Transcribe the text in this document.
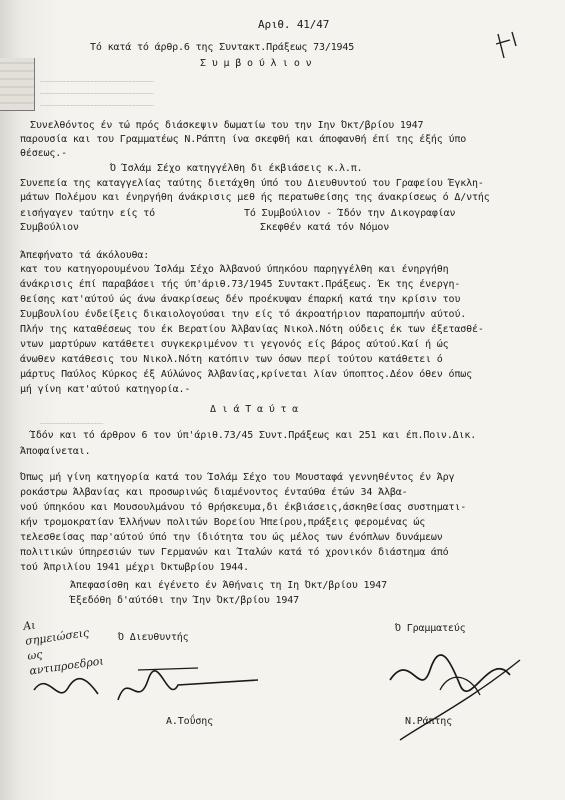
Αριθ. 41/47
Τό κατά τό άρθρ.6 της Συντακτ.Πράξεως 73/1945
Σ υ μ β ο ύ λ ι ο ν
………………………………………………………………………
………………………………………………………………………
………………………………………………………………………
Συνελθόντος έν τώ πρός διάσκεψιν δωματίω του την Ιην Όκτ/βρίου 1947
παρουσία και του Γραμματέως Ν.Ράπτη ίνα σκεφθή και άποφανθή έπί της έξής ύπο
θέσεως.-
Ό Ίσλάμ Σέχο κατηγγέλθη δι έκβιάσεις κ.λ.π.
Συνεπεία της καταγγελίας ταύτης διετάχθη ύπό του Διευθυντού του Γραφείου Έγκλη-
μάτων Πολέμου και ένηργήθη άνάκρισις μεθ ής περατωθείσης της άνακρίσεως ό Δ/ντής
εισήγαγεν ταύτην είς τό	Τό Συμβούλιον - Ίδόν την Δικογραφίαν
Συμβούλιον	Σκεφθέν κατά τόν Νόμον
Άπεφήνατο τά άκόλουθα:
κατ του κατηγορουμένου Ίσλάμ Σέχο Άλβανού ύπηκόου παρηγγέλθη και ένηργήθη
άνάκρισις έπί παραβάσει τής ύπ'άριθ.73/1945 Συντακτ.Πράξεως. Έκ της ένεργη-
θείσης κατ'αύτού ώς άνω άνακρίσεως δέν προέκυψαν έπαρκή κατά την κρίσιν του
Συμβουλίου ένδείξεις δικαιολογούσαι την είς τό άκροατήριον παραπομπήν αύτού.
Πλήν της καταθέσεως του έκ Βερατίου Άλβανίας Νικολ.Νότη ούδεις έκ των έξετασθέ-
ντων μαρτύρων κατάθετει συγκεκριμένον τι γεγονός είς βάρος αύτού.Καί ή ώς
άνωθεν κατάθεσις του Νικολ.Νότη κατόπιν των όσων περί τούτου κατάθετει ό
μάρτυς Παύλος Κύρκος έξ Αύλώνος Άλβανίας,κρίνεται λίαν ύποπτος.Δέον όθεν όπως
μή γίνη κατ'αύτού κατηγορία.-
Δ ι ά Τ α ύ τ α
………………………………………
Ίδόν και τό άρθρον 6 τον ύπ'άριθ.73/45 Συντ.Πράξεως και 251 και έπ.Ποιν.Δικ.
Άποφαίνεται.
Όπως μή γίνη κατηγορία κατά του Ίσλάμ Σέχο του Μουσταφά γεννηθέντος έν Άργ
ροκάστρω Άλβανίας και προσωρινώς διαμένοντος ένταύθα έτών 34 Άλβα-
νού ύπηκόου και Μουσουλμάνου τό θρήσκευμα,δι έκβιάσεις,άσκηθείσας συστηματι-
κήν τρομοκρατίαν Έλλήνων πολιτών Βορείου Ήπείρου,πράξεις φερομένας ώς
τελεσθείσας παρ'αύτού ύπό την ίδιότητα του ώς μέλος των ένόπλων δυνάμεων
πολιτικών ύπηρεσιών των Γερμανών και Ίταλών κατά τό χρονικόν διάστημα άπό
τού Άπριλίου 1941 μέχρι Όκτωβρίου 1944.
Άπεφασίσθη και έγένετο έν Άθήναις τη Ιη Όκτ/βρίου 1947
Έξεδόθη δ'αύτόθι την Ίην Όκτ/βρίου 1947
Ό Γραμματεύς
Ό Διευθυντής
Α.Τοΰσης	Ν.Ράπτης
Αι σημειώσεις ως αντιπροεδροι
